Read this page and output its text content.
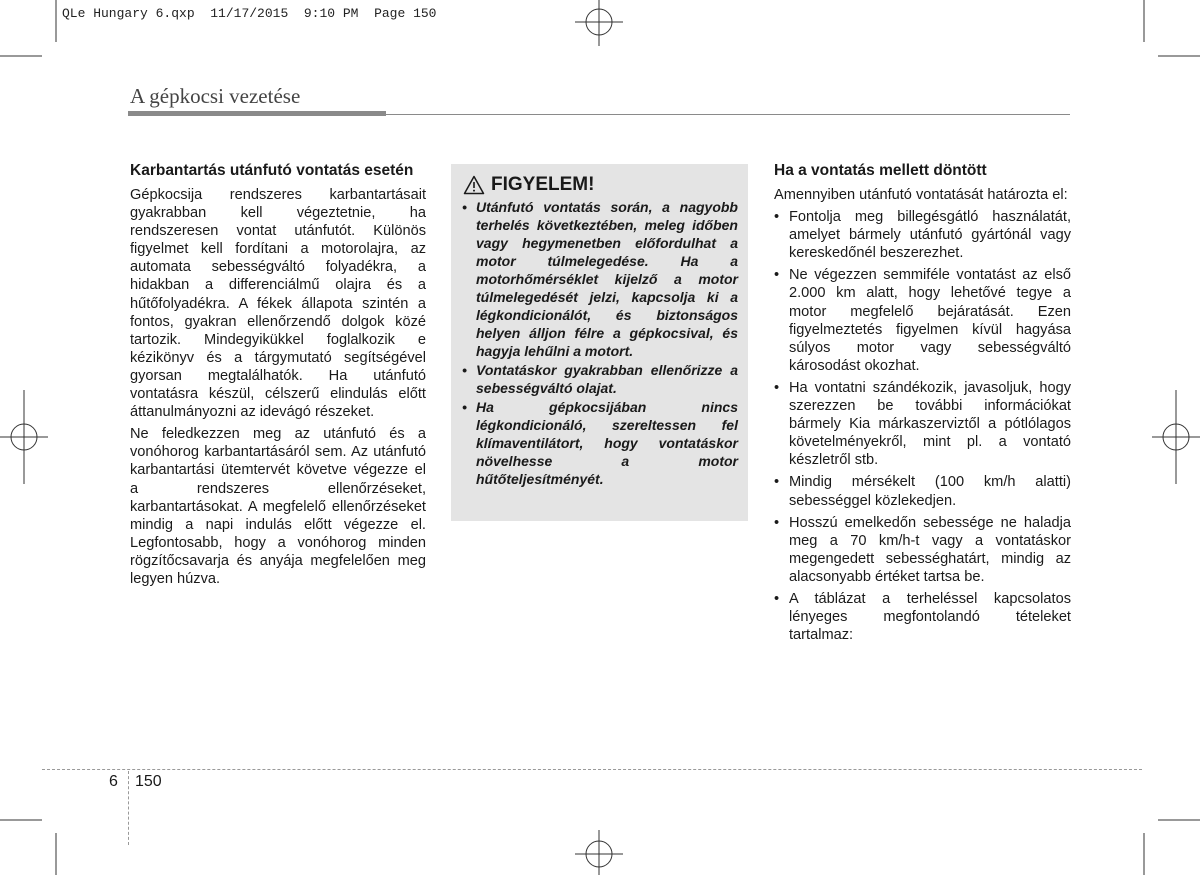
QLe Hungary 6.qxp 11/17/2015 9:10 PM Page 150
A gépkocsi vezetése
Karbantartás utánfutó vontatás esetén

Gépkocsija rendszeres karbantartásait gyakrabban kell végeztetnie, ha rendszeresen vontat utánfutót. Különös figyelmet kell fordítani a motorolajra, az automata sebességváltó folyadékra, a hidakban a differenciálmű olajra és a hűtőfolyadékra. A fékek állapota szintén a fontos, gyakran ellenőrzendő dolgok közé tartozik. Mindegyikükkel foglalkozik e kézikönyv és a tárgymutató segítségével gyorsan megtalálhatók. Ha utánfutó vontatásra készül, célszerű elindulás előtt áttanulmányozni az idevágó részeket.

Ne feledkezzen meg az utánfutó és a vonóhorog karbantartásáról sem. Az utánfutó karbantartási ütemtervét követve végezze el a rendszeres ellenőrzéseket, karbantartásokat. A megfelelő ellenőrzéseket mindig a napi indulás előtt végezze el. Legfontosabb, hogy a vonóhorog minden rögzítőcsavarja és anyája megfelelően meg legyen húzva.

FIGYELEM!
• Utánfutó vontatás során, a nagyobb terhelés következtében, meleg időben vagy hegymenetben előfordulhat a motor túlmelegedése. Ha a motorhőmérséklet kijelző a motor túlmelegedését jelzi, kapcsolja ki a légkondicionálót, és biztonságos helyen álljon félre a gépkocsival, és hagyja lehűlni a motort.
• Vontatáskor gyakrabban ellenőrizze a sebességváltó olajat.
• Ha gépkocsijában nincs légkondicionáló, szereltessen fel klímaventilátort, hogy vontatáskor növelhesse a motor hűtőteljesítményét.
Ha a vontatás mellett döntött

Amennyiben utánfutó vontatását határozta el:

• Fontolja meg billegésgátló használatát, amelyet bármely utánfutó gyártónál vagy kereskedőnél beszerezhet.
• Ne végezzen semmiféle vontatást az első 2.000 km alatt, hogy lehetővé tegye a motor megfelelő bejáratását. Ezen figyelmeztetés figyelmen kívül hagyása súlyos motor vagy sebességváltó károsodást okozhat.
• Ha vontatni szándékozik, javasoljuk, hogy szerezzen be további információkat bármely Kia márkaszerviztől a pótlólagos követelményekről, mint pl. a vontató készletről stb.
• Mindig mérsékelt (100 km/h alatti) sebességgel közlekedjen.
• Hosszú emelkedőn sebessége ne haladja meg a 70 km/h-t vagy a vontatáskor megengedett sebességhatárt, mindig az alacsonyabb értéket tartsa be.
• A táblázat a terheléssel kapcsolatos lényeges megfontolandó tételeket tartalmaz:
6 150
